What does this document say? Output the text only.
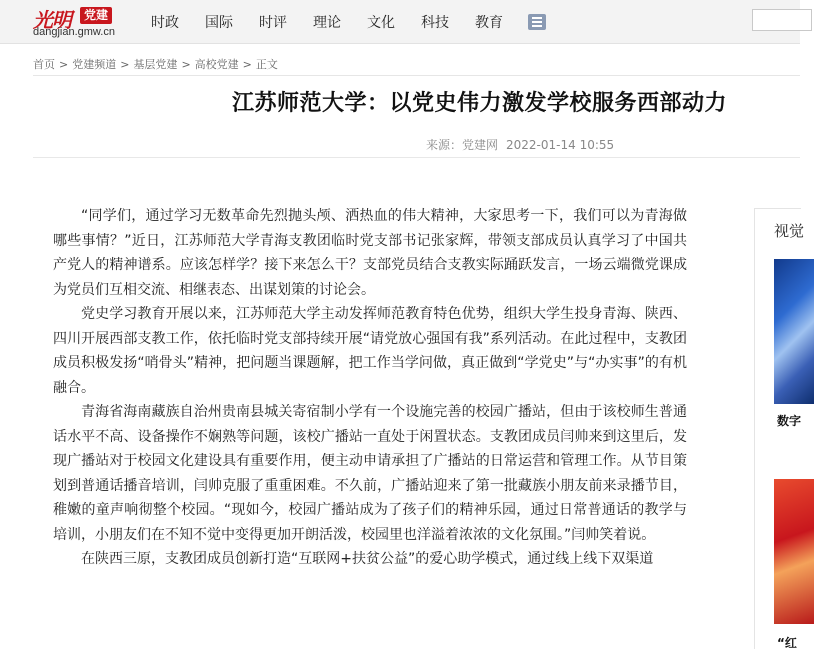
光明	党建
dangjian.gmw.cn
时政 国际 时评 理论 文化 科技 教育
首页 > 党建频道 > 基层党建 > 高校党建 > 正文
江苏师范大学：以党史伟力激发学校服务西部动力
来源：党建网 2022-01-14 10:55

“同学们，通过学习无数革命先烈抛头颅、洒热血的伟大精神，大家思考一下，我们可以为青海做哪些事情？”近日，江苏师范大学青海支教团临时党支部书记张家辉，带领支部成员认真学习了中国共产党人的精神谱系。应该怎样学？接下来怎么干？支部党员结合支教实际踊跃发言，一场云端微党课成为党员们互相交流、相继表态、出谋划策的讨论会。

党史学习教育开展以来，江苏师范大学主动发挥师范教育特色优势，组织大学生投身青海、陕西、四川开展西部支教工作，依托临时党支部持续开展“请党放心强国有我”系列活动。在此过程中，支教团成员积极发扬“哨骨头”精神，把问题当课题解，把工作当学问做，真正做到“学党史”与“办实事”的有机融合。

青海省海南藏族自治州贵南县城关寄宿制小学有一个设施完善的校园广播站，但由于该校师生普通话水平不高、设备操作不娴熟等问题，该校广播站一直处于闲置状态。支教团成员闫帅来到这里后，发现广播站对于校园文化建设具有重要作用，便主动申请承担了广播站的日常运营和管理工作。从节目策划到普通话播音培训，闫帅克服了重重困难。不久前，广播站迎来了第一批藏族小朋友前来录播节目，稚嫩的童声响彻整个校园。“现如今，校园广播站成为了孩子们的精神乐园，通过日常普通话的教学与培训，小朋友们在不知不觉中变得更加开朗活泼，校园里也洋溢着浓浓的文化氛围。”闫帅笑着说。

在陕西三原，支教团成员创新打造“互联网+扶贫公益”的爱心助学模式，通过线上线下双渠道

视觉
数字
“红
